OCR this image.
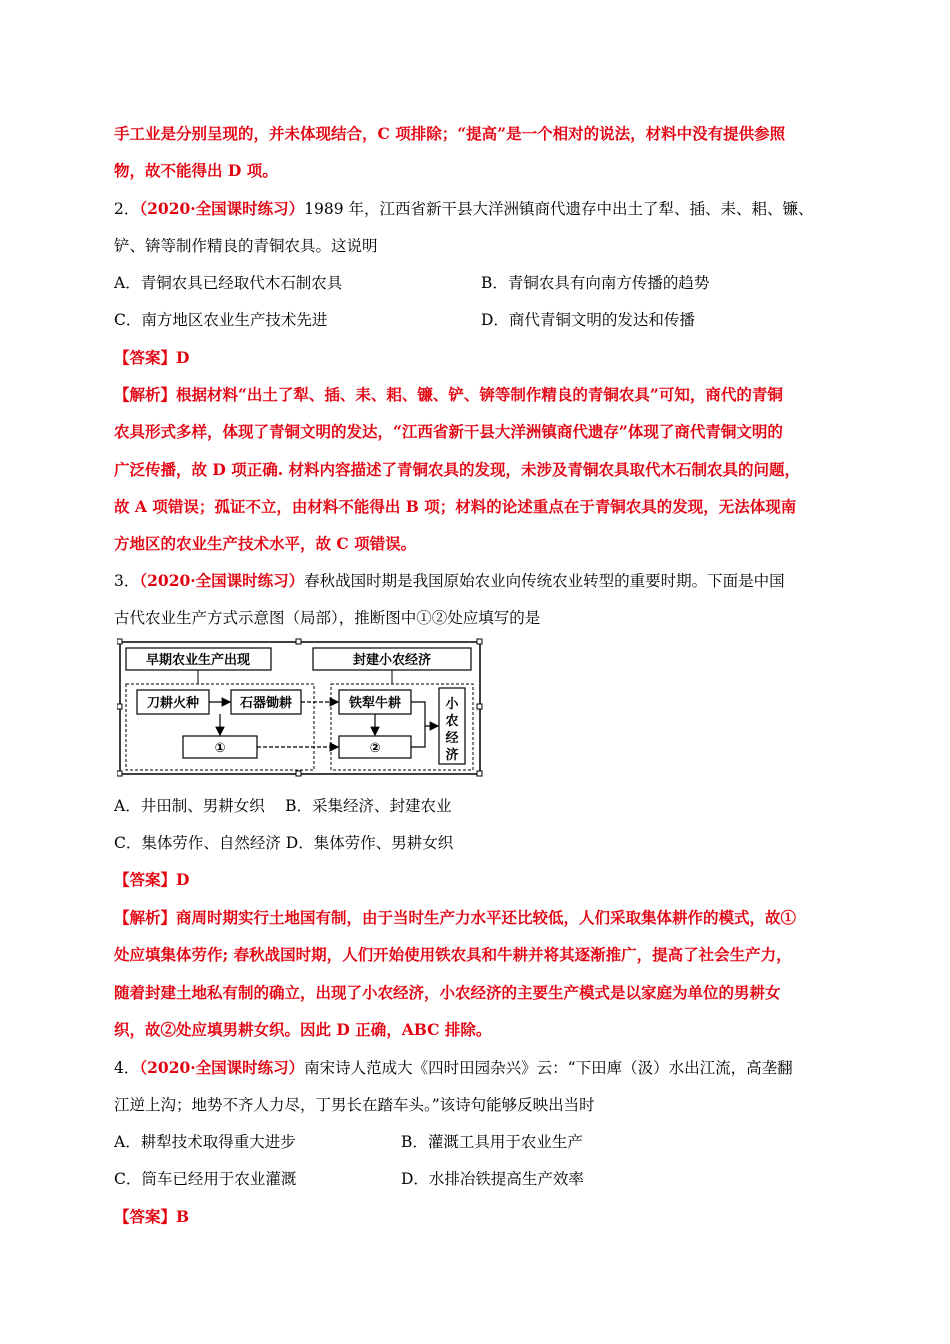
手工业是分别呈现的，并未体现结合，C 项排除；“提高”是一个相对的说法，材料中没有提供参照
物，故不能得出 D 项。
2．（2020·全国课时练习）1989 年，江西省新干县大洋洲镇商代遗存中出土了犁、插、耒、耜、镰、
铲、锛等制作精良的青铜农具。这说明
A．青铜农具已经取代木石制农具	B．青铜农具有向南方传播的趋势
C．南方地区农业生产技术先进	D．商代青铜文明的发达和传播
【答案】D
【解析】根据材料“出土了犁、插、耒、耜、镰、铲、锛等制作精良的青铜农具”可知，商代的青铜
农具形式多样，体现了青铜文明的发达，“江西省新干县大洋洲镇商代遗存”体现了商代青铜文明的
广泛传播，故 D 项正确. 材料内容描述了青铜农具的发现，未涉及青铜农具取代木石制农具的问题，
故 A 项错误；孤证不立，由材料不能得出 B 项；材料的论述重点在于青铜农具的发现，无法体现南
方地区的农业生产技术水平，故 C 项错误。
3．（2020·全国课时练习）春秋战国时期是我国原始农业向传统农业转型的重要时期。下面是中国
古代农业生产方式示意图（局部），推断图中①②处应填写的是
早期农业生产出现	封建小农经济
刀耕火种	石器锄耕	铁犁牛耕
①	②
小农经济
A．井田制、男耕女织　 B．采集经济、封建农业
C．集体劳作、自然经济 D．集体劳作、男耕女织
【答案】D
【解析】商周时期实行土地国有制，由于当时生产力水平还比较低，人们采取集体耕作的模式，故①
处应填集体劳作; 春秋战国时期，人们开始使用铁农具和牛耕并将其逐渐推广，提高了社会生产力，
随着封建土地私有制的确立，出现了小农经济，小农经济的主要生产模式是以家庭为单位的男耕女
织，故②处应填男耕女织。因此 D 正确，ABC 排除。
4．（2020·全国课时练习）南宋诗人范成大《四时田园杂兴》云：“下田庳（汲）水出江流，高垄翻
江逆上沟；地势不齐人力尽，丁男长在踏车头。”该诗句能够反映出当时
A．耕犁技术取得重大进步	B．灌溉工具用于农业生产
C．筒车已经用于农业灌溉	D．水排冶铁提高生产效率
【答案】B
